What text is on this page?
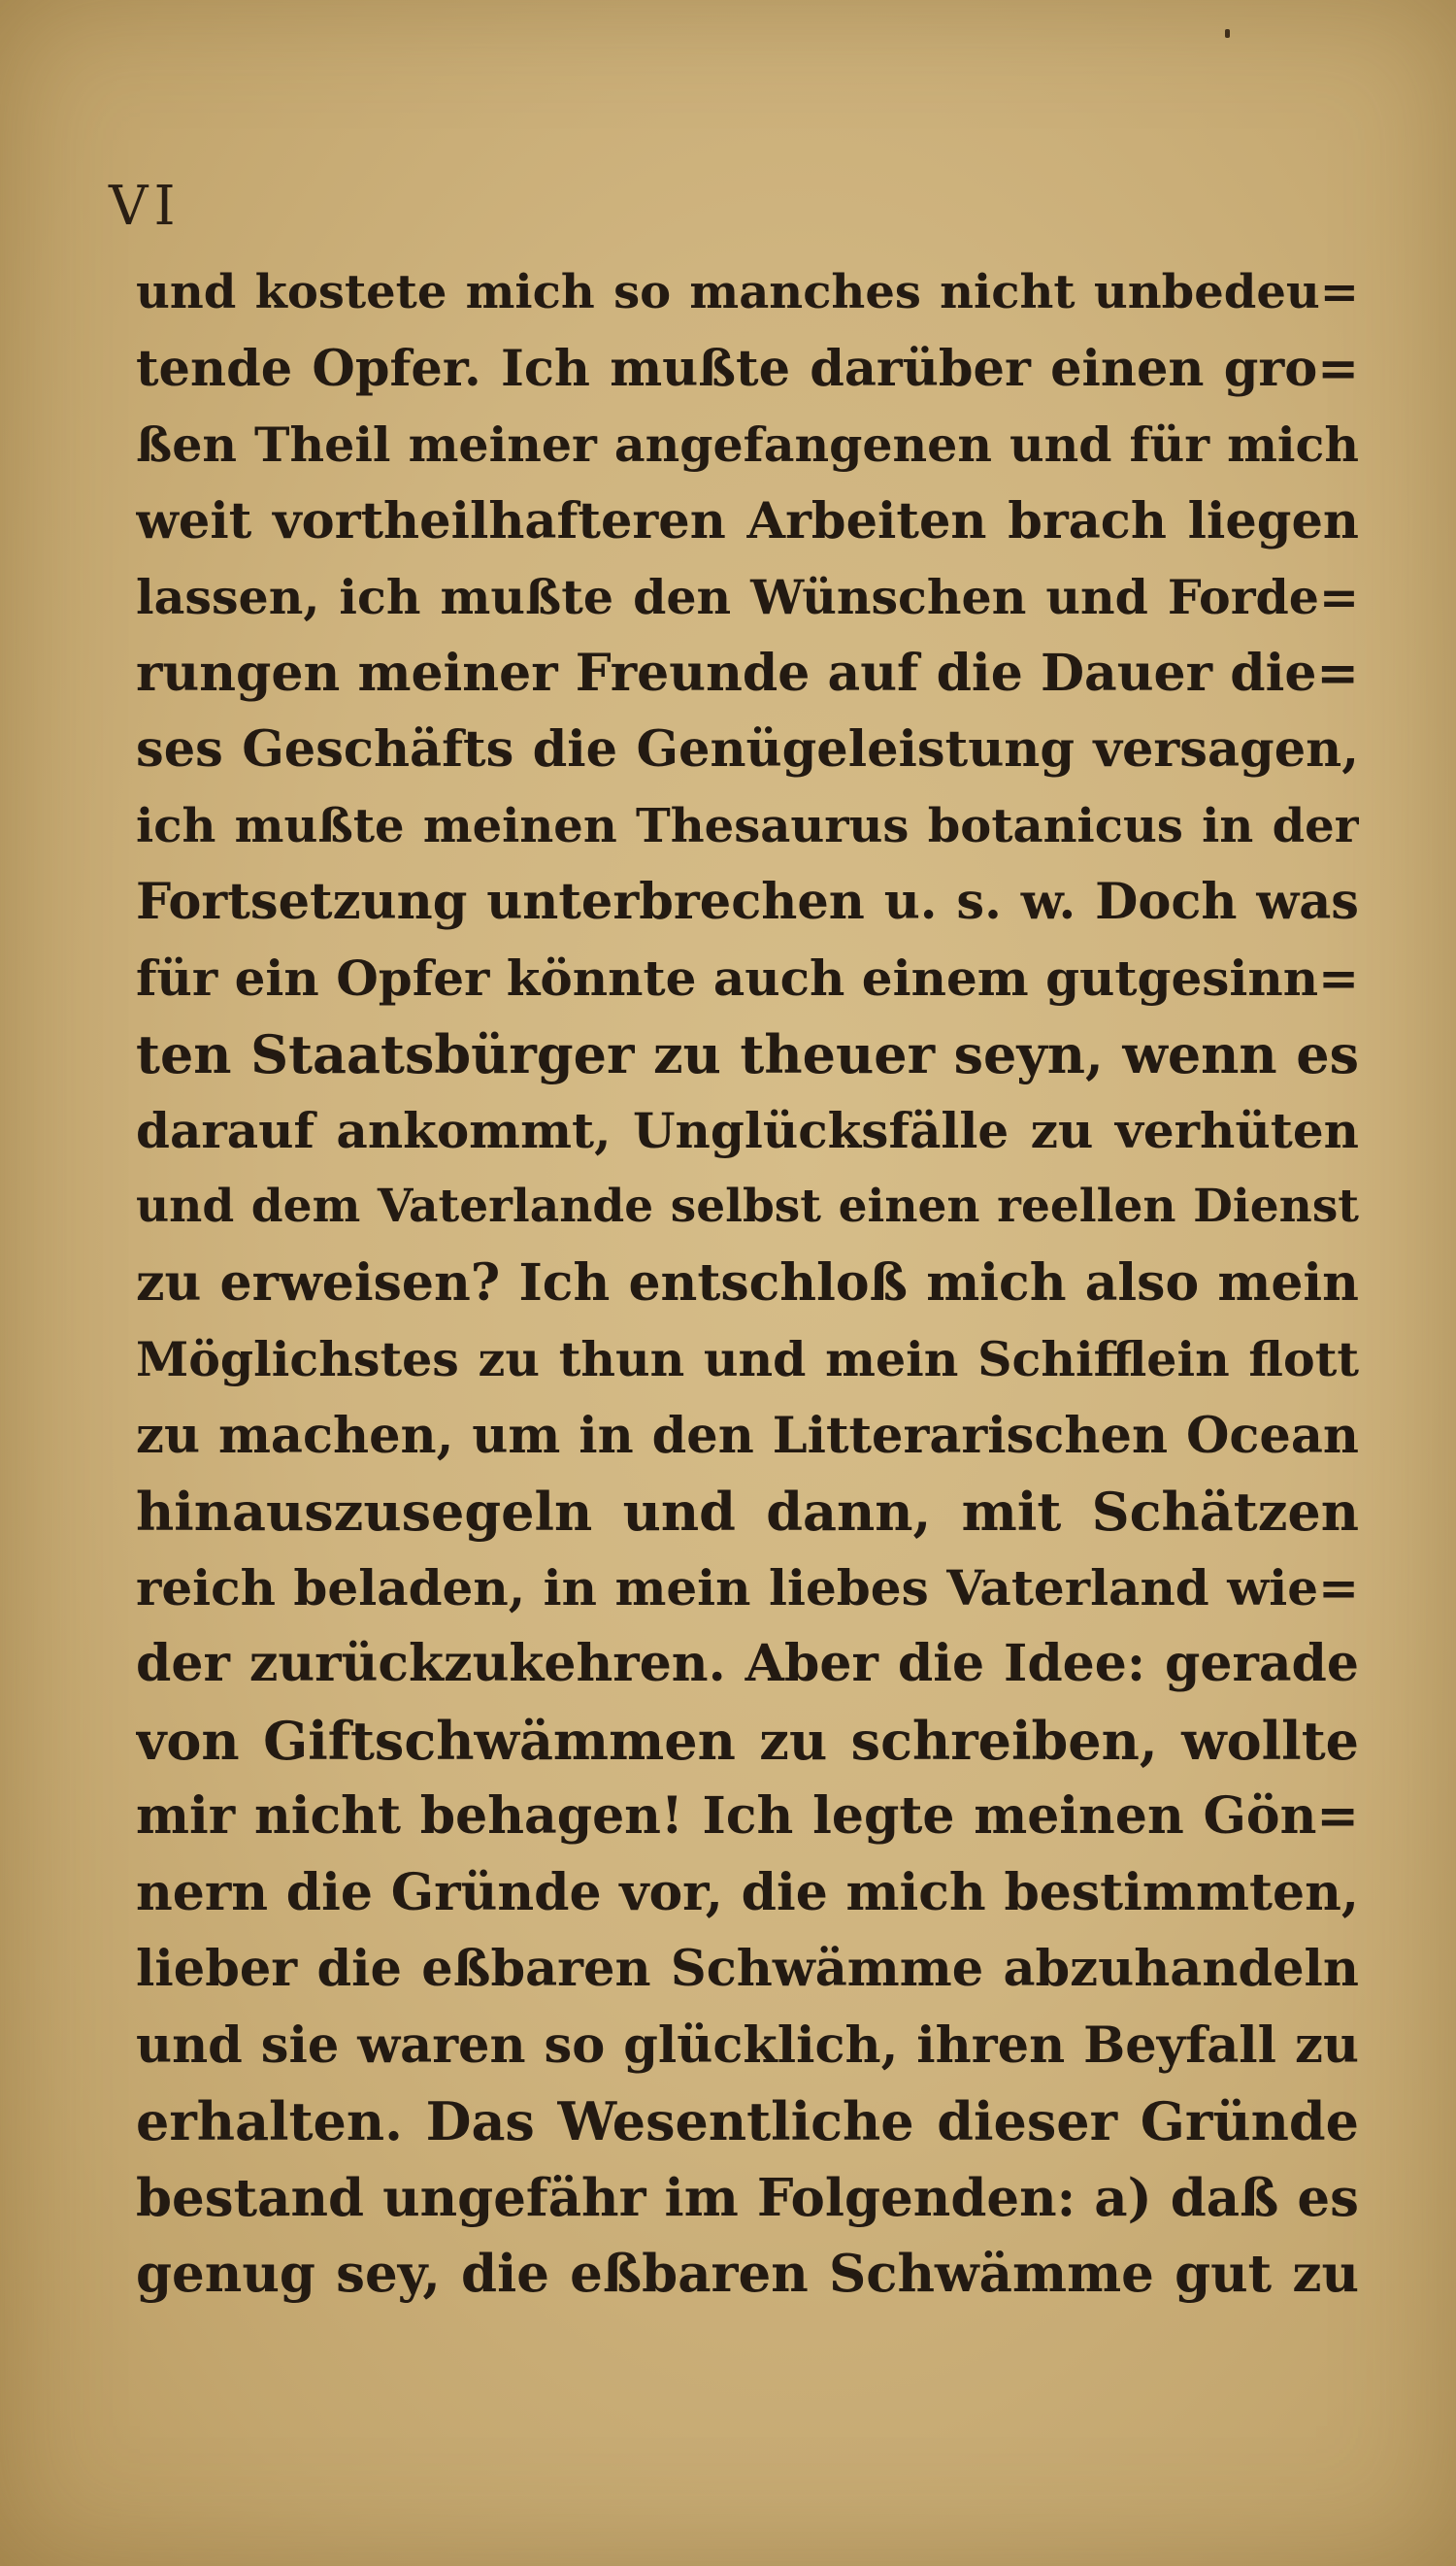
VI
und kostete mich so manches nicht unbedeu=
tende Opfer. Ich mußte darüber einen gro=
ßen Theil meiner angefangenen und für mich
weit vortheilhafteren Arbeiten brach liegen
lassen, ich mußte den Wünschen und Forde=
rungen meiner Freunde auf die Dauer die=
ses Geschäfts die Genügeleistung versagen,
ich mußte meinen Thesaurus botanicus in der
Fortsetzung unterbrechen u. s. w. Doch was
für ein Opfer könnte auch einem gutgesinn=
ten Staatsbürger zu theuer seyn, wenn es
darauf ankommt, Unglücksfälle zu verhüten
und dem Vaterlande selbst einen reellen Dienst
zu erweisen? Ich entschloß mich also mein
Möglichstes zu thun und mein Schifflein flott
zu machen, um in den Litterarischen Ocean
hinauszusegeln und dann, mit Schätzen
reich beladen, in mein liebes Vaterland wie=
der zurückzukehren. Aber die Idee: gerade
von Giftschwämmen zu schreiben, wollte
mir nicht behagen! Ich legte meinen Gön=
nern die Gründe vor, die mich bestimmten,
lieber die eßbaren Schwämme abzuhandeln
und sie waren so glücklich, ihren Beyfall zu
erhalten. Das Wesentliche dieser Gründe
bestand ungefähr im Folgenden: a) daß es
genug sey, die eßbaren Schwämme gut zu
